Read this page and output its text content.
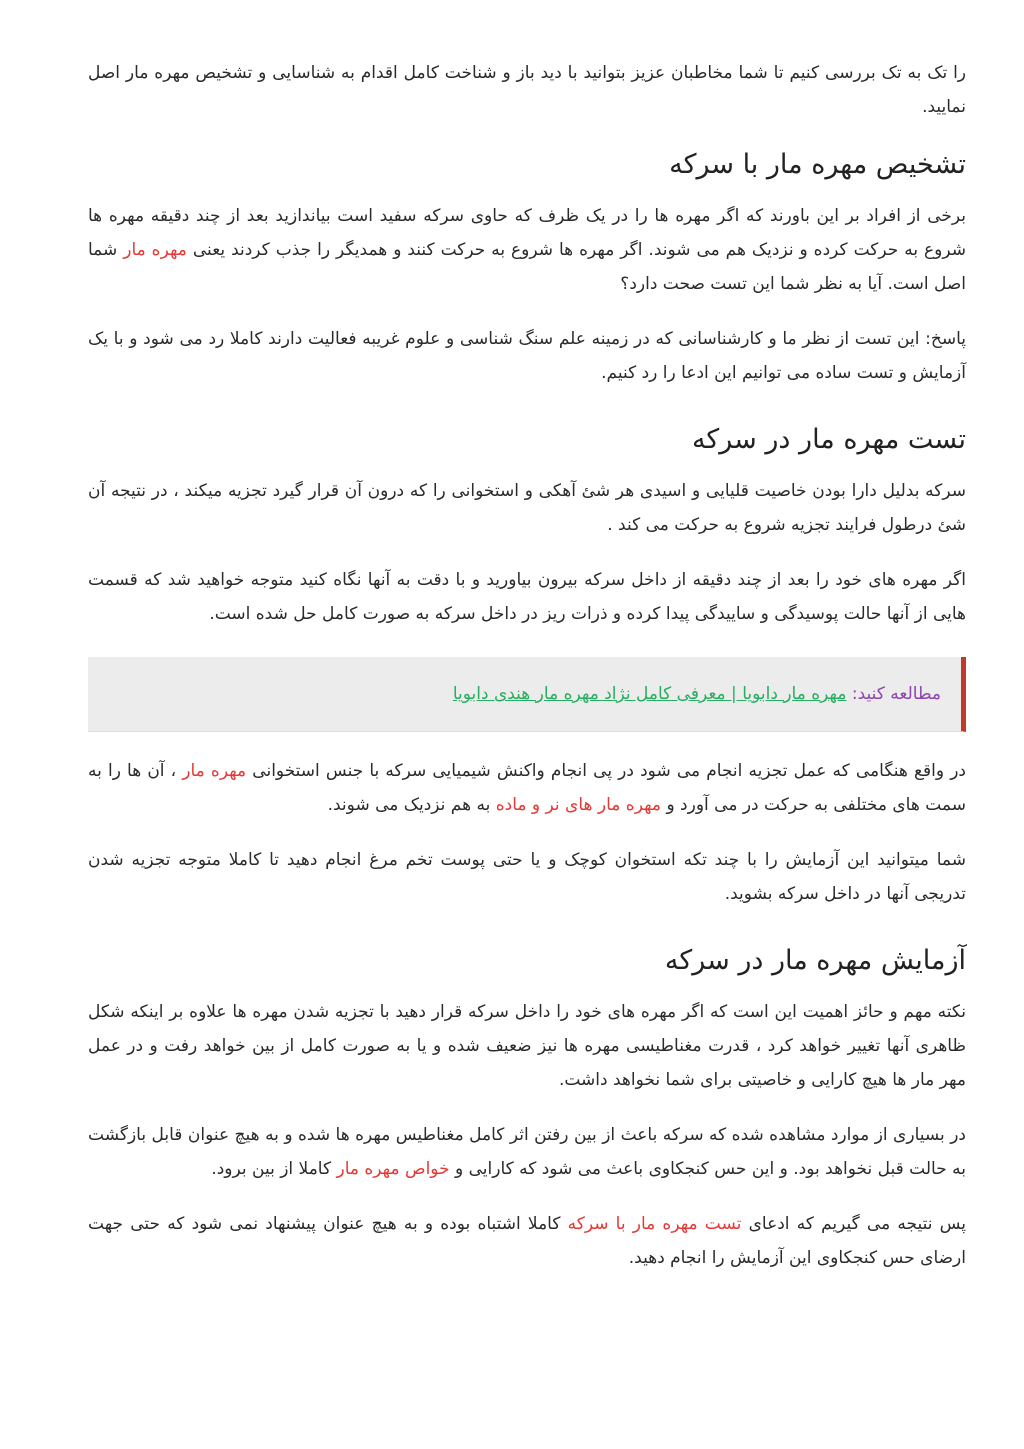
را تک به تک بررسی کنیم تا شما مخاطبان عزیز بتوانید با دید باز و شناخت کامل اقدام به شناسایی و تشخیص مهره مار اصل نمایید.

تشخیص مهره مار با سرکه

برخی از افراد بر این باورند که اگر مهره ها را در یک ظرف که حاوی سرکه سفید است بیاندازید بعد از چند دقیقه مهره ها شروع به حرکت کرده و نزدیک هم می شوند. اگر مهره ها شروع به حرکت کنند و همدیگر را جذب کردند یعنی مهره مار شما اصل است. آیا به نظر شما این تست صحت دارد؟

پاسخ: این تست از نظر ما و کارشناسانی که در زمینه علم سنگ شناسی و علوم غریبه فعالیت دارند کاملا رد می شود و با یک آزمایش و تست ساده می توانیم این ادعا را رد کنیم.

تست مهره مار در سرکه

سرکه بدلیل دارا بودن خاصیت قلیایی و اسیدی هر شئ آهکی و استخوانی را که درون آن قرار گیرد تجزیه میکند ، در نتیجه آن شئ درطول فرایند تجزیه شروع به حرکت می کند .

اگر مهره های خود را بعد از چند دقیقه از داخل سرکه بیرون بیاورید و با دقت به آنها نگاه کنید متوجه خواهید شد که قسمت هایی از آنها حالت پوسیدگی و ساییدگی پیدا کرده و ذرات ریز در داخل سرکه به صورت کامل حل شده است.

مطالعه کنید: مهره مار دابویا | معرفی کامل نژاد مهره مار هندی دابویا

در واقع هنگامی که عمل تجزیه انجام می شود در پی انجام واکنش شیمیایی سرکه با جنس استخوانی مهره مار ، آن ها را به سمت های مختلفی به حرکت در می آورد و مهره مار های نر و ماده به هم نزدیک می شوند.

شما میتوانید این آزمایش را با چند تکه استخوان کوچک و یا حتی پوست تخم مرغ انجام دهید تا کاملا متوجه تجزیه شدن تدریجی آنها در داخل سرکه بشوید.

آزمایش مهره مار در سرکه

نکته مهم و حائز اهمیت این است که اگر مهره های خود را داخل سرکه قرار دهید با تجزیه شدن مهره ها علاوه بر اینکه شکل ظاهری آنها تغییر خواهد کرد ، قدرت مغناطیسی مهره ها نیز ضعیف شده و یا به صورت کامل از بین خواهد رفت و در عمل مهر مار ها هیچ کارایی و خاصیتی برای شما نخواهد داشت.

در بسیاری از موارد مشاهده شده که سرکه باعث از بین رفتن اثر کامل مغناطیس مهره ها شده و به هیچ عنوان قابل بازگشت به حالت قبل نخواهد بود. و این حس کنجکاوی باعث می شود که کارایی و خواص مهره مار کاملا از بین برود.

پس نتیجه می گیریم که ادعای تست مهره مار با سرکه کاملا اشتباه بوده و به هیچ عنوان پیشنهاد نمی شود که حتی جهت ارضای حس کنجکاوی این آزمایش را انجام دهید.
